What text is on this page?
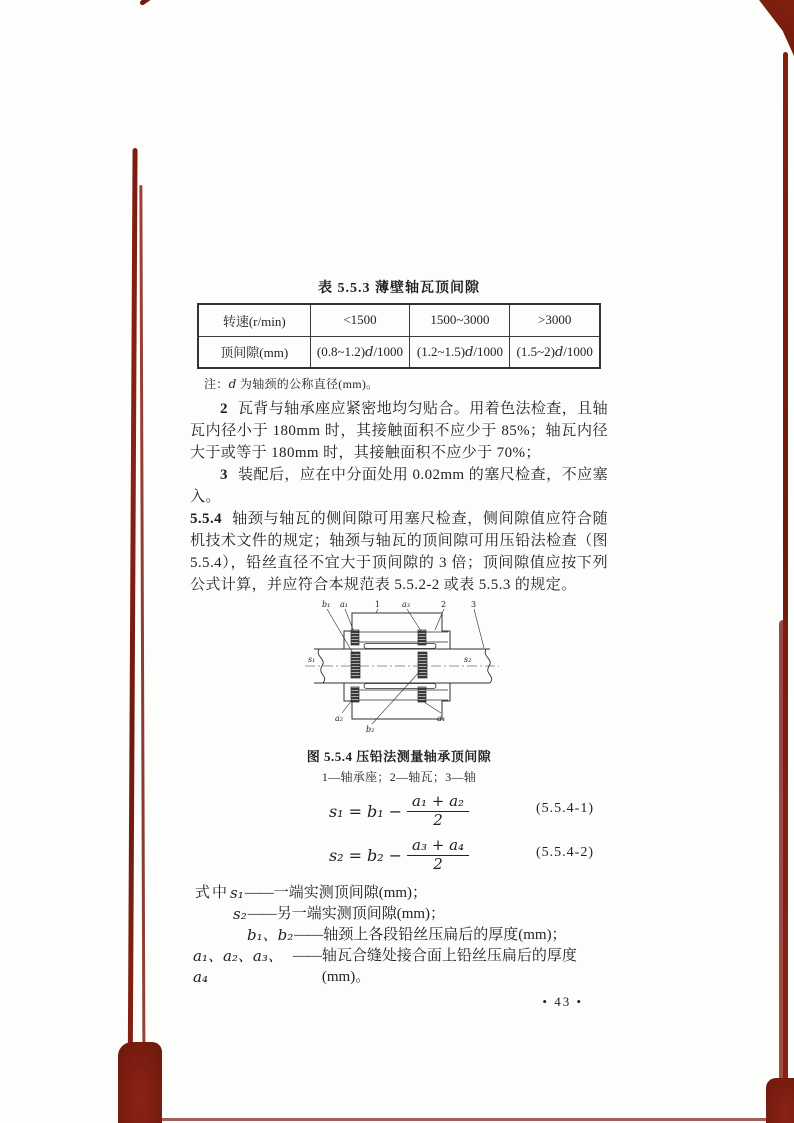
表 5.5.3 薄壁轴瓦顶间隙
转速(r/min)	<1500	1500~3000	>3000
顶间隙(mm)	(0.8~1.2)d/1000	(1.2~1.5)d/1000	(1.5~2)d/1000
注：d 为轴颈的公称直径(mm)。

2 瓦背与轴承座应紧密地均匀贴合。用着色法检查，且轴瓦内径小于 180mm 时，其接触面积不应少于 85%；轴瓦内径大于或等于 180mm 时，其接触面积不应少于 70%；

3 装配后，应在中分面处用 0.02mm 的塞尺检查，不应塞入。

5.5.4 轴颈与轴瓦的侧间隙可用塞尺检查，侧间隙值应符合随机技术文件的规定；轴颈与轴瓦的顶间隙可用压铅法检查（图5.5.4），铅丝直径不宜大于顶间隙的 3 倍；顶间隙值应按下列公式计算，并应符合本规范表 5.5.2-2 或表 5.5.3 的规定。

b₁ a₁	1	a₃	2	3
s₁	s₂
a₂
b₂
a₄
图 5.5.4 压铅法测量轴承顶间隙
1—轴承座；2—轴瓦；3—轴
$s_1 = b_1 - \frac{\text{a₁ + a₂}}{2}$	(5.5.4-1)
$s_2 = b_2 - \frac{\text{a₃ + a₄}}{2}$	(5.5.4-2)
式中 s₁ —— 一端实测顶间隙(mm)；
s₂ —— 另一端实测顶间隙(mm)；
b₁、b₂ —— 轴颈上各段铅丝压扁后的厚度(mm)；
a₁、a₂、a₃、a₄
—— 轴瓦合缝处接合面上铅丝压扁后的厚度(mm)。
• 43 •
